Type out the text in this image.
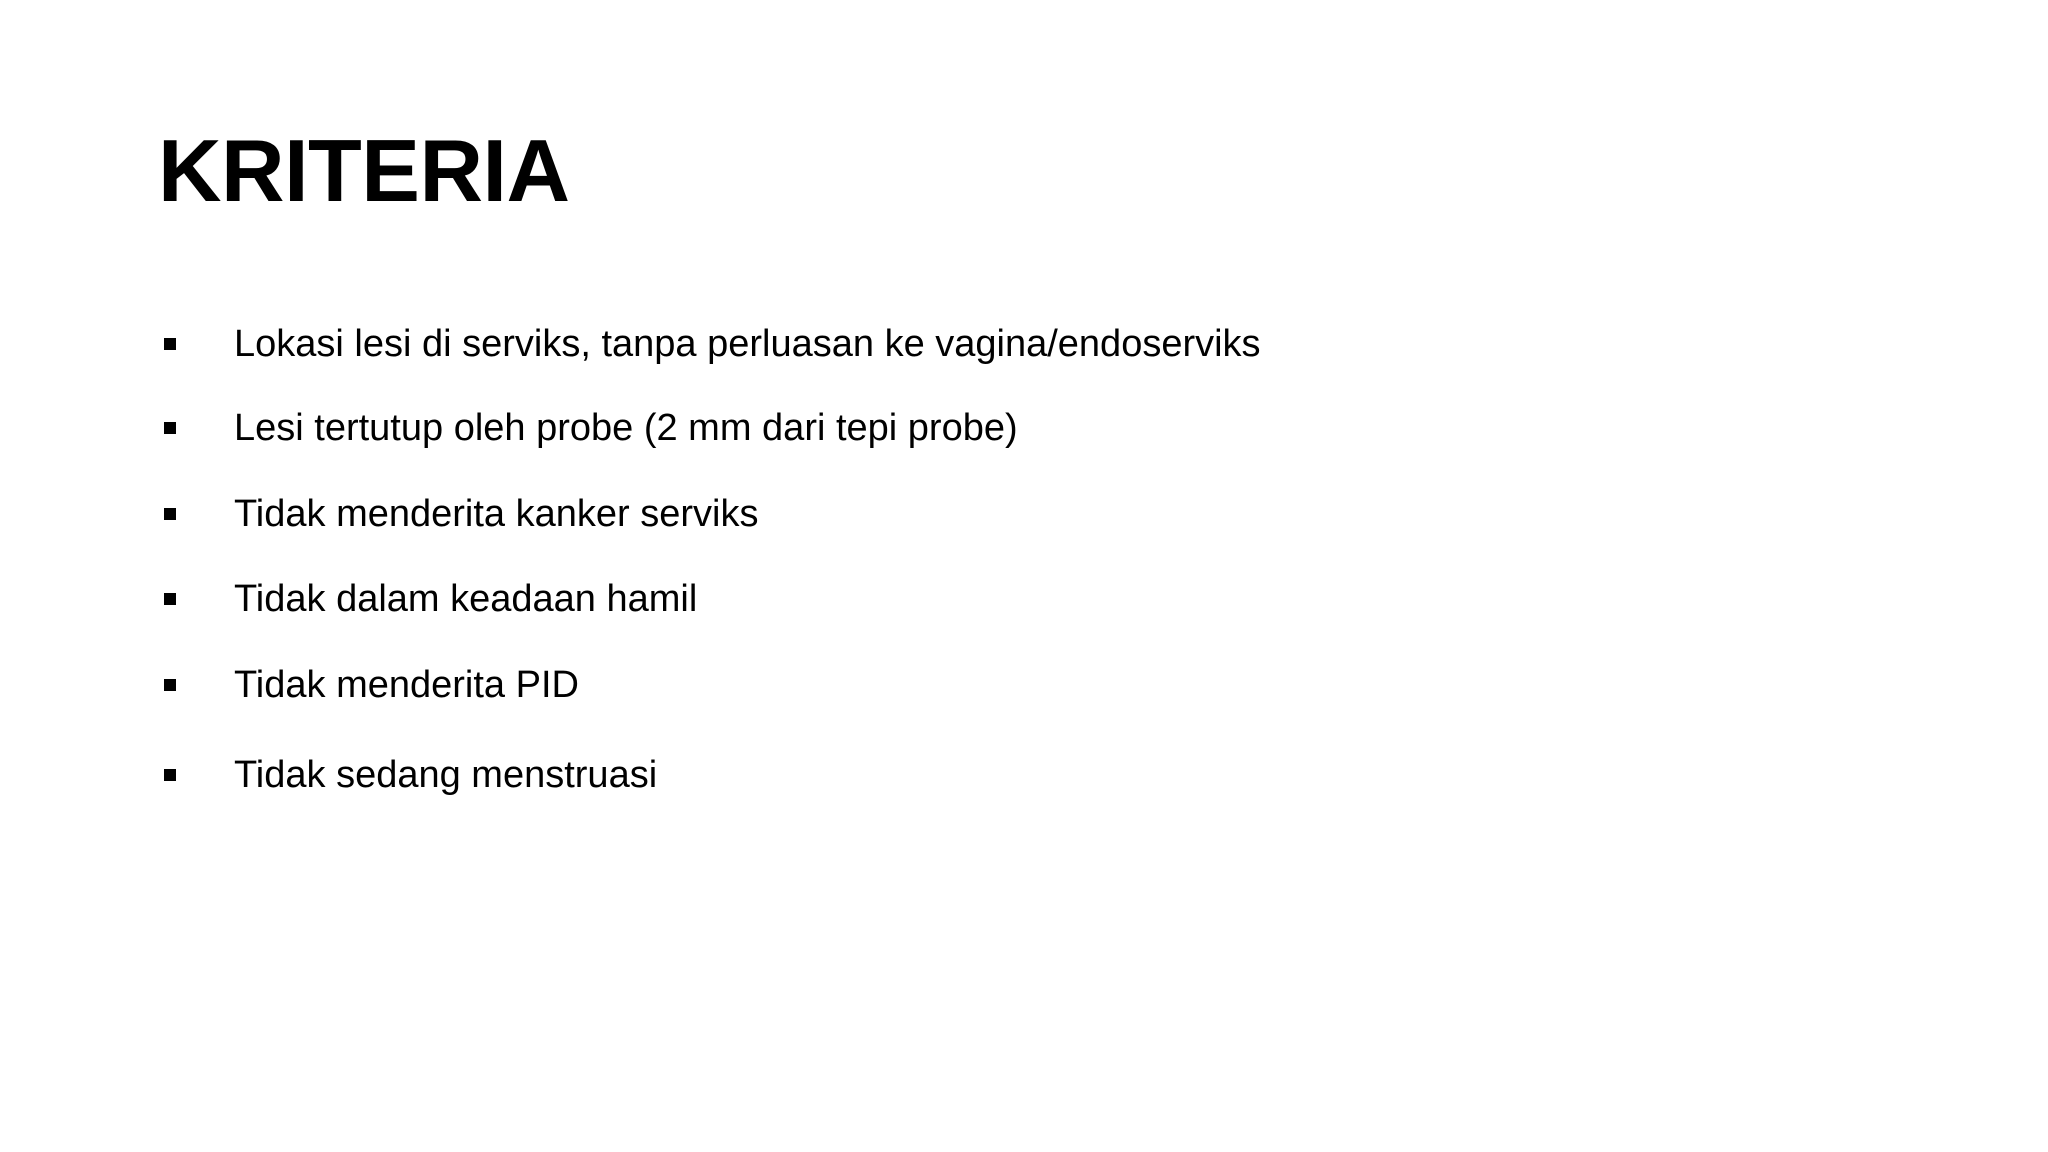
KRITERIA
Lokasi lesi di serviks, tanpa perluasan ke vagina/endoserviks
Lesi tertutup oleh probe (2 mm dari tepi probe)
Tidak menderita kanker serviks
Tidak dalam keadaan hamil
Tidak menderita PID
Tidak sedang menstruasi
